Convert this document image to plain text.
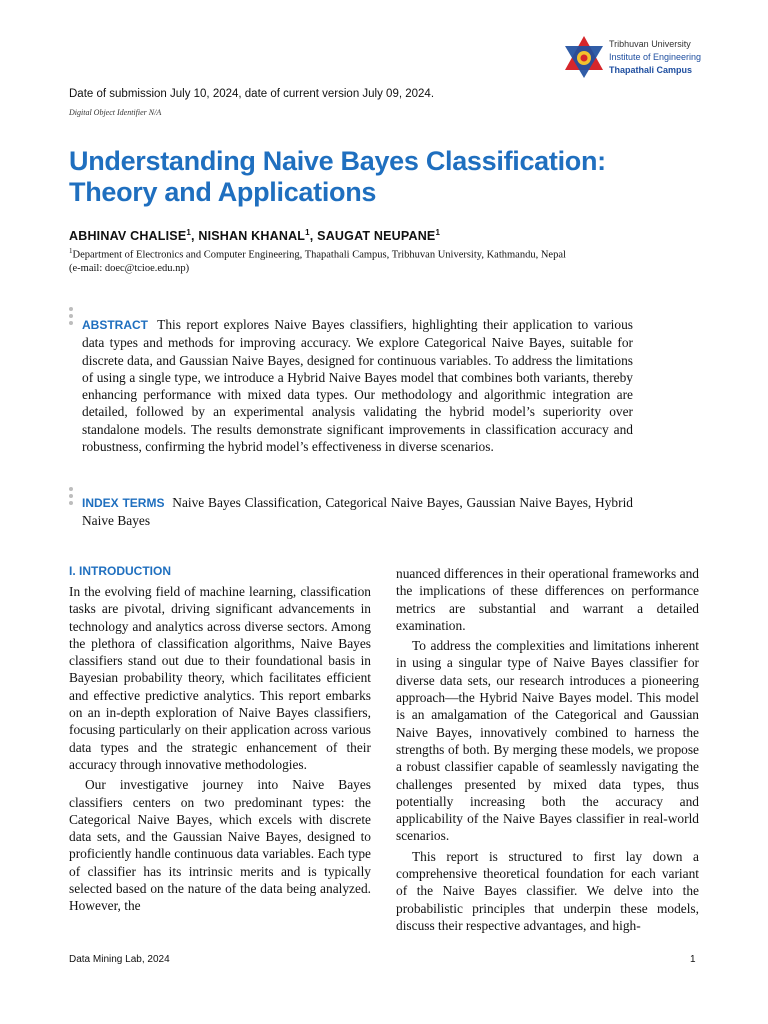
Tribhuvan University
Institute of Engineering
Thapathali Campus
Date of submission July 10, 2024, date of current version July 09, 2024.
Digital Object Identifier N/A
Understanding Naive Bayes Classification:
Theory and Applications
ABHINAV CHALISE$^1$, NISHAN KHANAL$^1$, SAUGAT NEUPANE$^1$
$^1$Department of Electronics and Computer Engineering, Thapathali Campus, Tribhuvan University, Kathmandu, Nepal
(e-mail: doec@tcioe.edu.np)
ABSTRACT This report explores Naive Bayes classifiers, highlighting their application to various data types and methods for improving accuracy. We explore Categorical Naive Bayes, suitable for discrete data, and Gaussian Naive Bayes, designed for continuous variables. To address the limitations of using a single type, we introduce a Hybrid Naive Bayes model that combines both variants, thereby enhancing performance with mixed data types. Our methodology and algorithmic integration are detailed, followed by an experimental analysis validating the hybrid model’s superiority over standalone models. The results demonstrate significant improvements in classification accuracy and robustness, confirming the hybrid model’s effectiveness in diverse scenarios.
INDEX TERMS Naive Bayes Classification, Categorical Naive Bayes, Gaussian Naive Bayes, Hybrid Naive Bayes
I. INTRODUCTION

In the evolving field of machine learning, classification tasks are pivotal, driving significant advancements in technology and analytics across diverse sectors. Among the plethora of classification algorithms, Naive Bayes classifiers stand out due to their foundational basis in Bayesian probability theory, which facilitates efficient and effective predictive analytics. This report embarks on an in-depth exploration of Naive Bayes classifiers, focusing particularly on their application across various data types and the strategic enhancement of their accuracy through innovative methodologies.

Our investigative journey into Naive Bayes classifiers centers on two predominant types: the Categorical Naive Bayes, which excels with discrete data sets, and the Gaussian Naive Bayes, designed to proficiently handle continuous data variables. Each type of classifier has its intrinsic merits and is typically selected based on the nature of the data being analyzed. However, the

nuanced differences in their operational frameworks and the implications of these differences on performance metrics are substantial and warrant a detailed examination.

To address the complexities and limitations inherent in using a singular type of Naive Bayes classifier for diverse data sets, our research introduces a pioneering approach—the Hybrid Naive Bayes model. This model is an amalgamation of the Categorical and Gaussian Naive Bayes, innovatively combined to harness the strengths of both. By merging these models, we propose a robust classifier capable of seamlessly navigating the challenges presented by mixed data types, thus potentially increasing both the accuracy and applicability of the Naive Bayes classifier in real-world scenarios.

This report is structured to first lay down a comprehensive theoretical foundation for each variant of the Naive Bayes classifier. We delve into the probabilistic principles that underpin these models, discuss their respective advantages, and high-

Data Mining Lab, 2024	1
